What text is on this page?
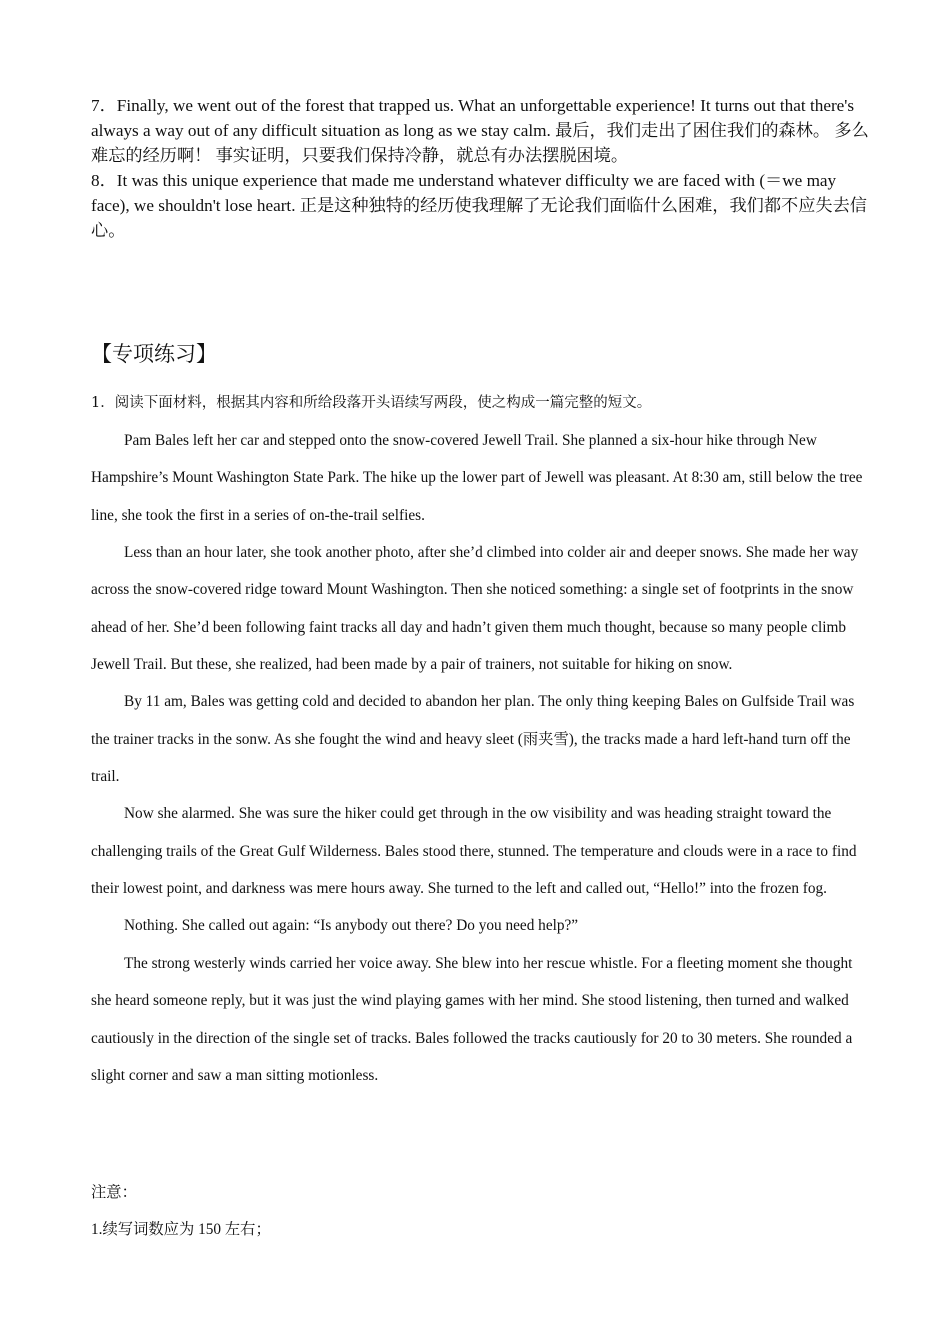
7．Finally, we went out of the forest that trapped us. What an unforgettable experience! It turns out that there's always a way out of any difficult situation as long as we stay calm. 最后，我们走出了困住我们的森林。 多么难忘的经历啊！ 事实证明，只要我们保持冷静，就总有办法摆脱困境。

8．It was this unique experience that made me understand whatever difficulty we are faced with (＝we may face), we shouldn't lose heart. 正是这种独特的经历使我理解了无论我们面临什么困难，我们都不应失去信心。

【专项练习】
1．阅读下面材料，根据其内容和所给段落开头语续写两段，使之构成一篇完整的短文。

Pam Bales left her car and stepped onto the snow-covered Jewell Trail. She planned a six-hour hike through New Hampshire’s Mount Washington State Park. The hike up the lower part of Jewell was pleasant. At 8:30 am, still below the tree line, she took the first in a series of on-the-trail selfies.

Less than an hour later, she took another photo, after she’d climbed into colder air and deeper snows. She made her way across the snow-covered ridge toward Mount Washington. Then she noticed something: a single set of footprints in the snow ahead of her. She’d been following faint tracks all day and hadn’t given them much thought, because so many people climb Jewell Trail. But these, she realized, had been made by a pair of trainers, not suitable for hiking on snow.

By 11 am, Bales was getting cold and decided to abandon her plan. The only thing keeping Bales on Gulfside Trail was the trainer tracks in the sonw. As she fought the wind and heavy sleet (雨夹雪), the tracks made a hard left-hand turn off the trail.

Now she alarmed. She was sure the hiker could get through in the ow visibility and was heading straight toward the challenging trails of the Great Gulf Wilderness. Bales stood there, stunned. The temperature and clouds were in a race to find their lowest point, and darkness was mere hours away. She turned to the left and called out, “Hello!” into the frozen fog.

Nothing. She called out again: “Is anybody out there? Do you need help?”

The strong westerly winds carried her voice away. She blew into her rescue whistle. For a fleeting moment she thought she heard someone reply, but it was just the wind playing games with her mind. She stood listening, then turned and walked cautiously in the direction of the single set of tracks. Bales followed the tracks cautiously for 20 to 30 meters. She rounded a slight corner and saw a man sitting motionless.

注意：

1.续写词数应为 150 左右；
